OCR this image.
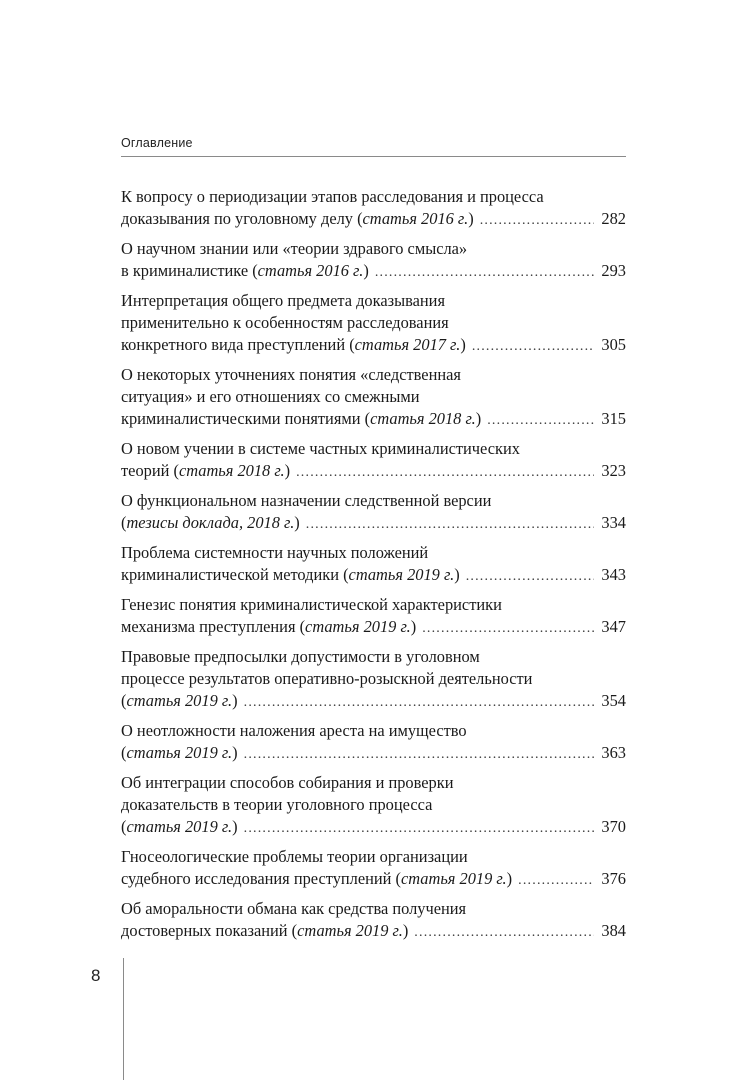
Оглавление
К вопросу о периодизации этапов расследования и процесса
доказывания по уголовному делу (статья 2016 г.) .....	282
О научном знании или «теории здравого смысла»
в криминалистике (статья 2016 г.) .....	293
Интерпретация общего предмета доказывания
применительно к особенностям расследования
конкретного вида преступлений (статья 2017 г.) .....	305
О некоторых уточнениях понятия «следственная
ситуация» и его отношениях со смежными
криминалистическими понятиями (статья 2018 г.) .....	315
О новом учении в системе частных криминалистических
теорий (статья 2018 г.) .....	323
О функциональном назначении следственной версии
(тезисы доклада, 2018 г.) .....	334
Проблема системности научных положений
криминалистической методики (статья 2019 г.) .....	343
Генезис понятия криминалистической характеристики
механизма преступления (статья 2019 г.) .....	347
Правовые предпосылки допустимости в уголовном
процессе результатов оперативно-розыскной деятельности
(статья 2019 г.) .....	354
О неотложности наложения ареста на имущество
(статья 2019 г.) .....	363
Об интеграции способов собирания и проверки
доказательств в теории уголовного процесса
(статья 2019 г.) .....	370
Гносеологические проблемы теории организации
судебного исследования преступлений (статья 2019 г.) .....	376
Об аморальности обмана как средства получения
достоверных показаний (статья 2019 г.) .....	384
8
